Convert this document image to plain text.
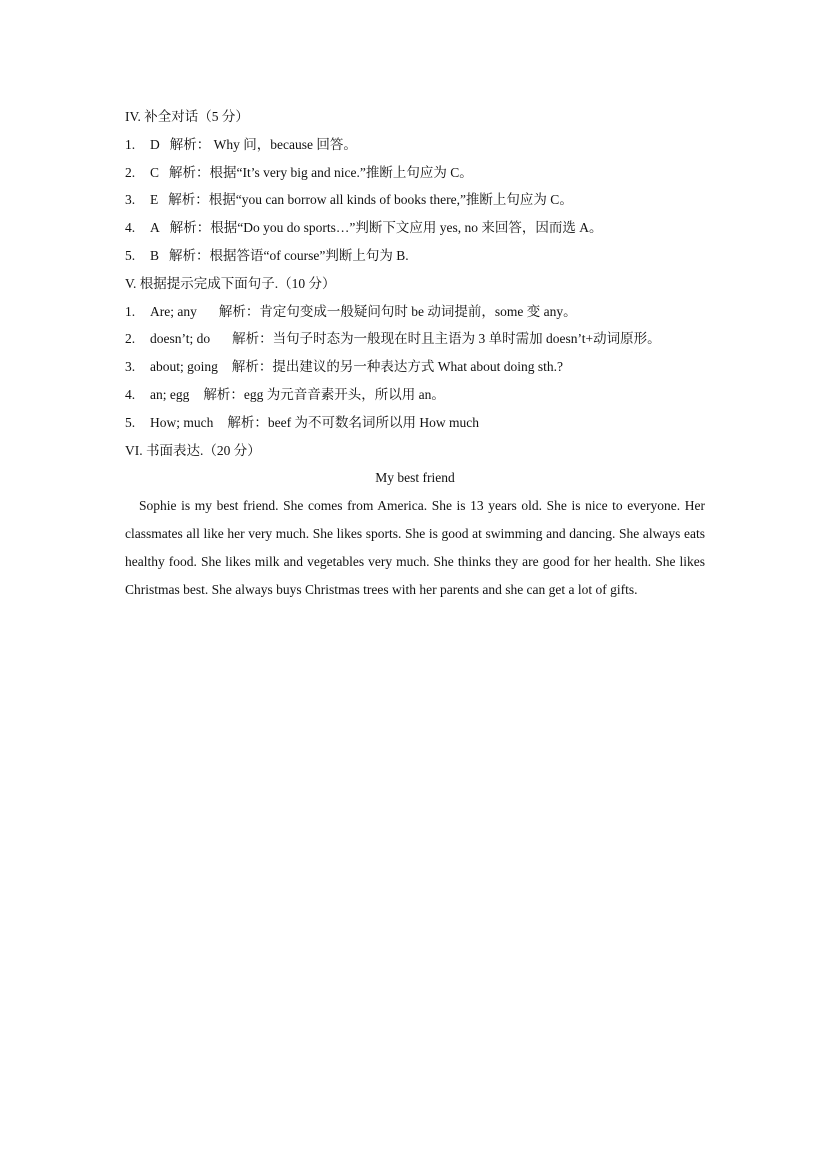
IV. 补全对话（5 分）
1. D 解析： Why 问，because 回答。
2. C 解析：根据“It’s very big and nice.”推断上句应为 C。
3. E 解析：根据“you can borrow all kinds of books there,”推断上句应为 C。
4. A 解析：根据“Do you do sports…”判断下文应用 yes, no 来回答，因而选 A。
5. B 解析：根据答语“of course”判断上句为 B.
V. 根据提示完成下面句子.（10 分）
1. Are; any 解析：肯定句变成一般疑问句时 be 动词提前，some 变 any。
2. doesn’t; do 解析：当句子时态为一般现在时且主语为 3 单时需加 doesn’t+动词原形。
3. about; going 解析：提出建议的另一种表达方式 What about doing sth.?
4. an; egg 解析：egg 为元音音素开头，所以用 an。
5. How; much 解析：beef 为不可数名词所以用 How much
VI. 书面表达.（20 分）
My best friend
Sophie is my best friend. She comes from America. She is 13 years old. She is nice to everyone. Her classmates all like her very much. She likes sports. She is good at swimming and dancing. She always eats healthy food. She likes milk and vegetables very much. She thinks they are good for her health. She likes Christmas best. She always buys Christmas trees with her parents and she can get a lot of gifts.
